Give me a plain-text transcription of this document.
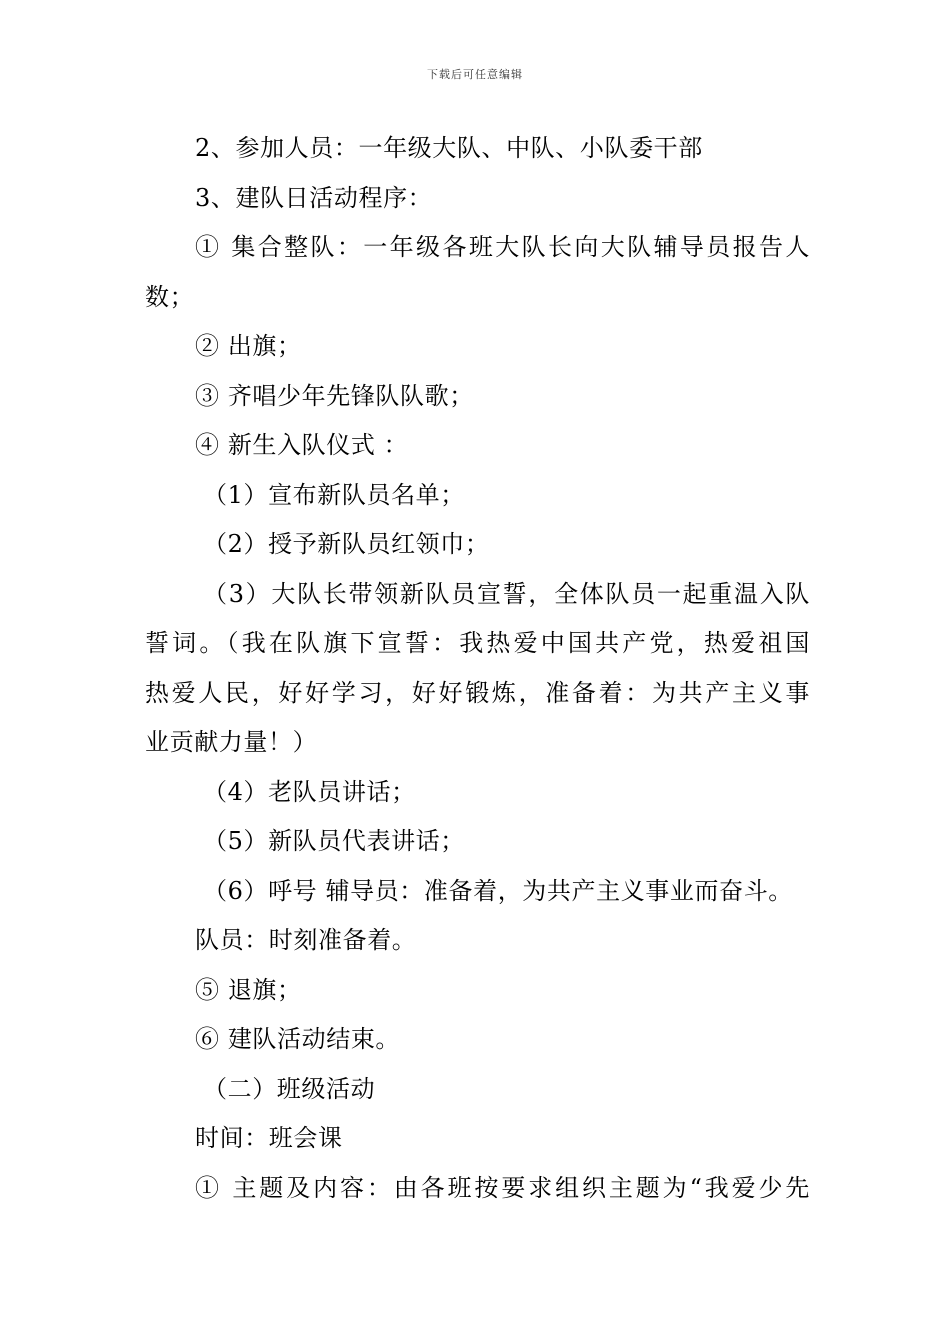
下载后可任意编辑
2、参加人员：一年级大队、中队、小队委干部
3、建队日活动程序：
① 集合整队：一年级各班大队长向大队辅导员报告人
数；
② 出旗；
③ 齐唱少年先锋队队歌；
④ 新生入队仪式 ：
（1）宣布新队员名单；
（2）授予新队员红领巾；
（3）大队长带领新队员宣誓，全体队员一起重温入队
誓词。（我在队旗下宣誓：我热爱中国共产党，热爱祖国
热爱人民，好好学习，好好锻炼，准备着：为共产主义事
业贡献力量！）
（4）老队员讲话；
（5）新队员代表讲话；
（6）呼号 辅导员：准备着，为共产主义事业而奋斗。
队员：时刻准备着。
⑤ 退旗；
⑥ 建队活动结束。
（二）班级活动
时间：班会课
① 主题及内容：由各班按要求组织主题为“我爱少先
